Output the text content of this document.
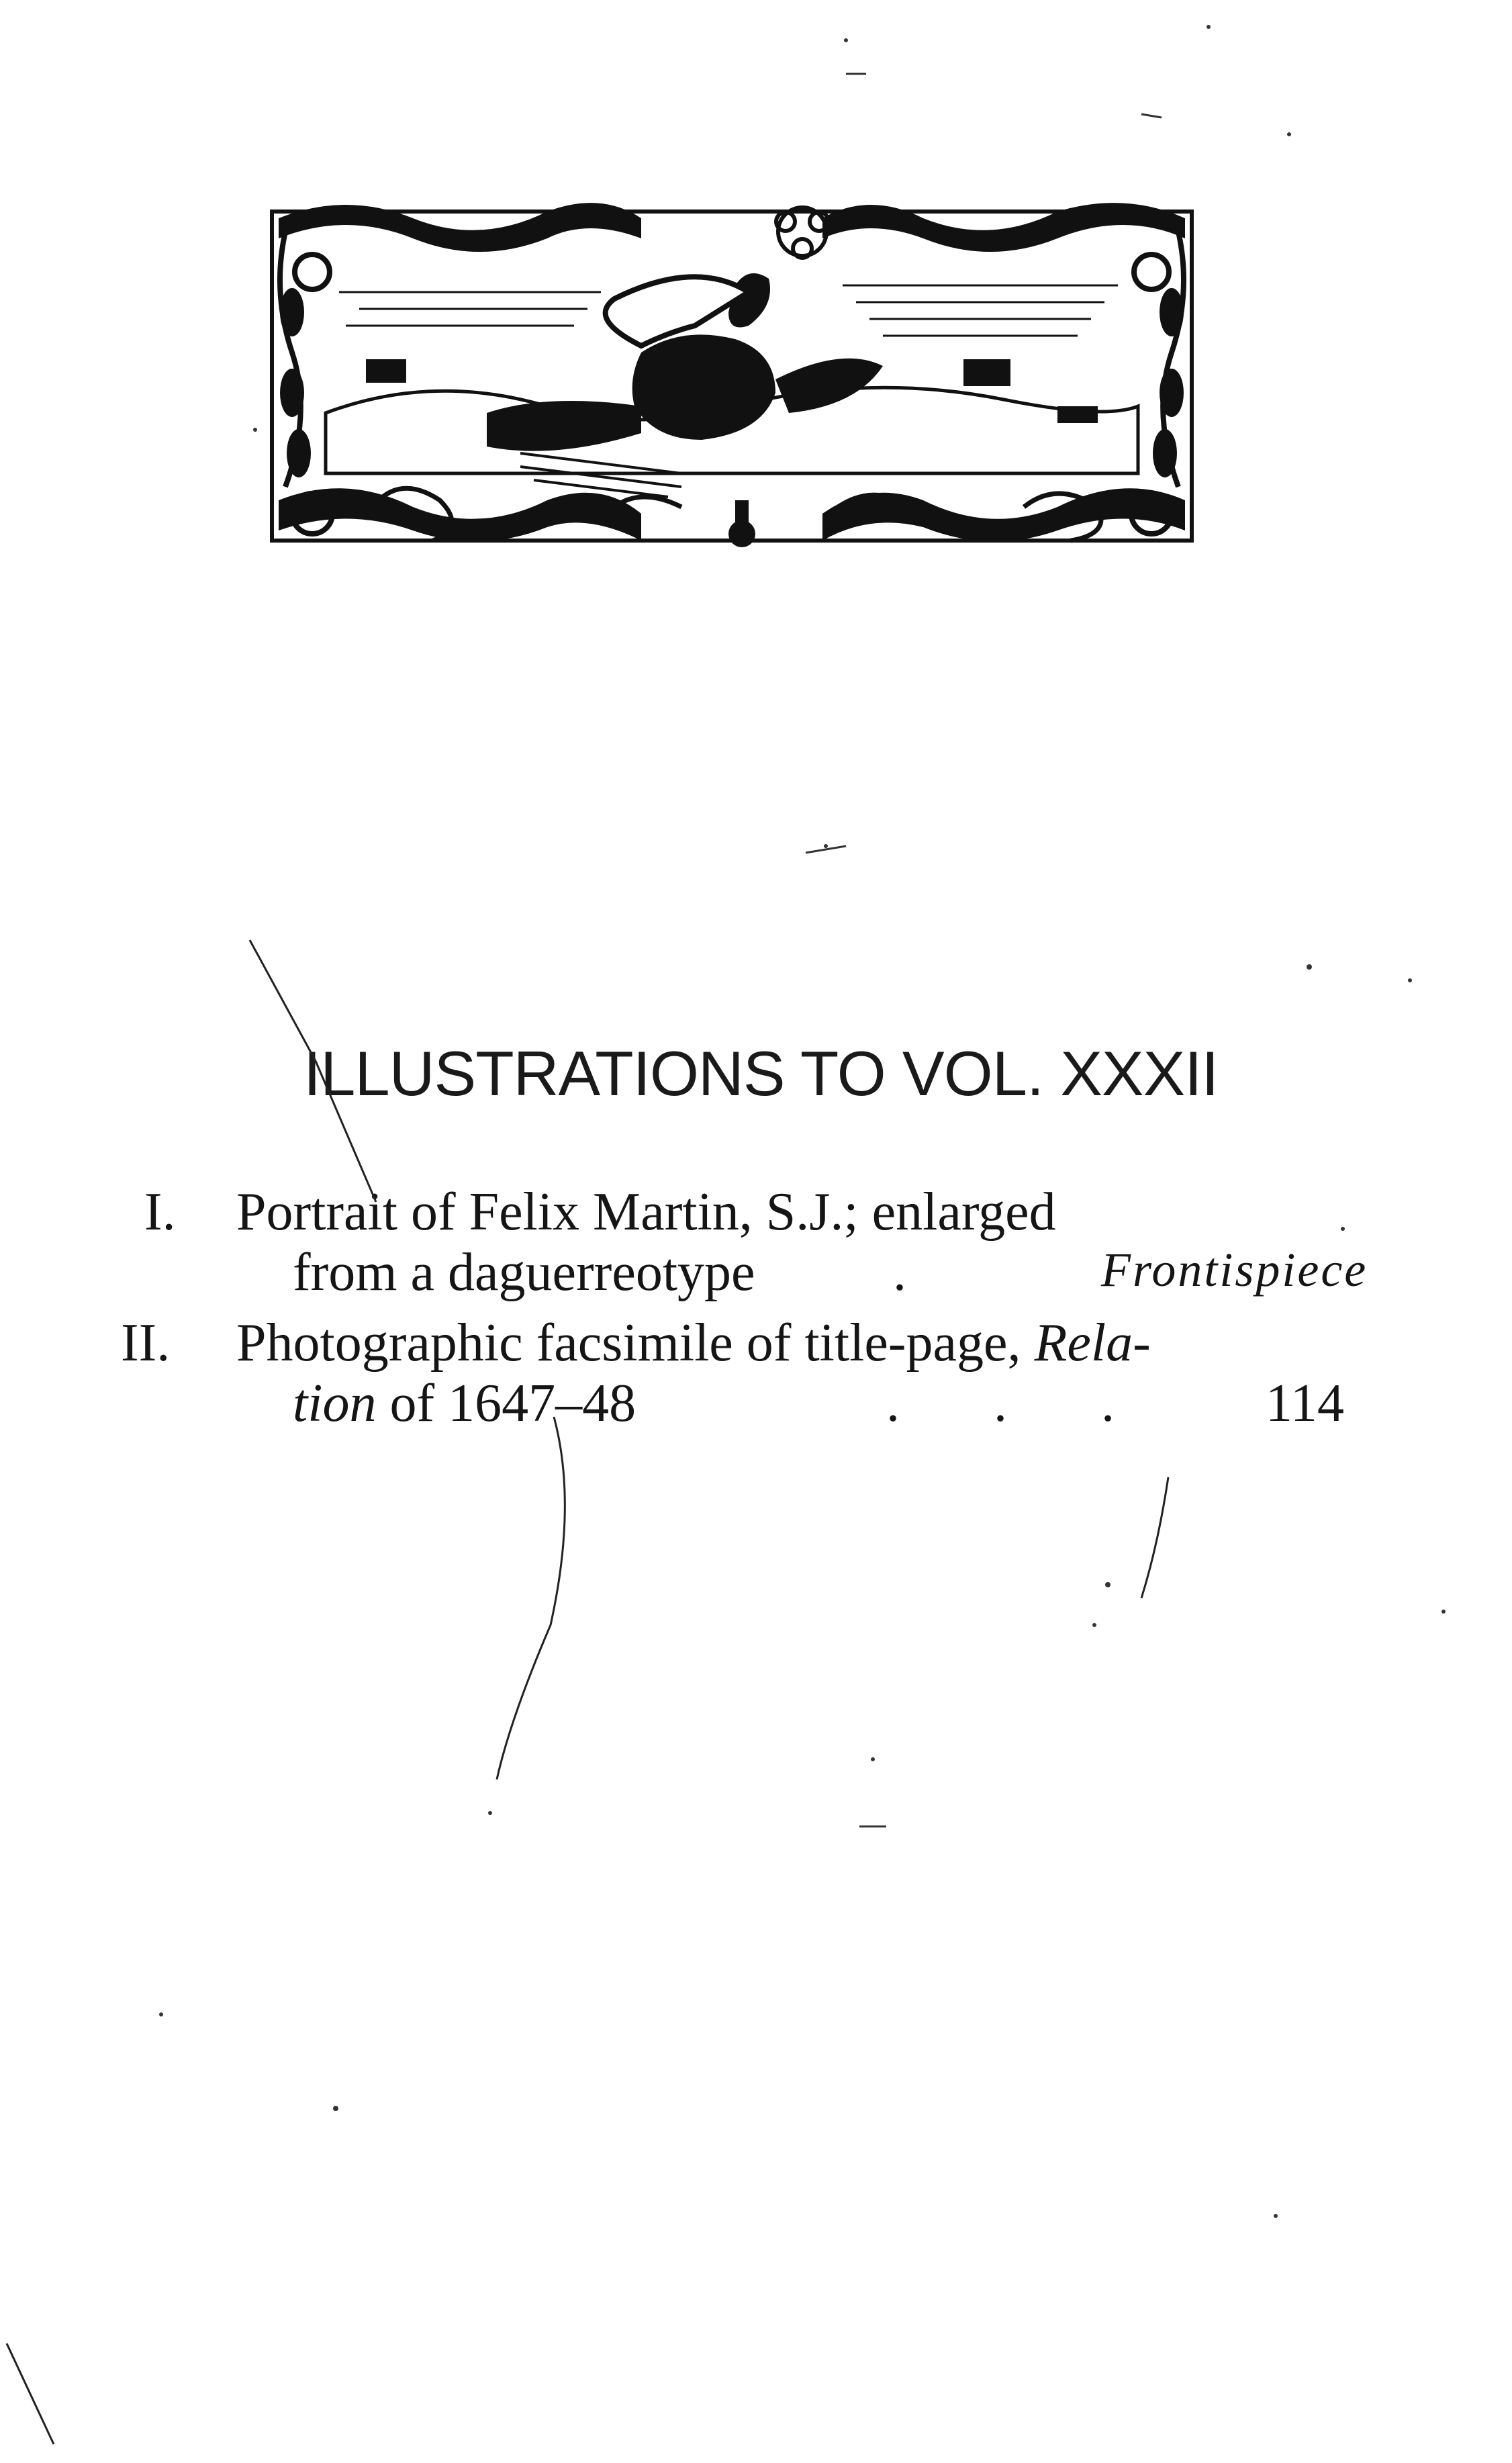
ILLUSTRATIONS TO VOL. XXXII
I. Portrait of Felix Martin, S.J.; enlarged
from a daguerreotype	.	Frontispiece
II. Photographic facsimile of title-page, Rela-
tion of 1647–48	.       .       .	114
